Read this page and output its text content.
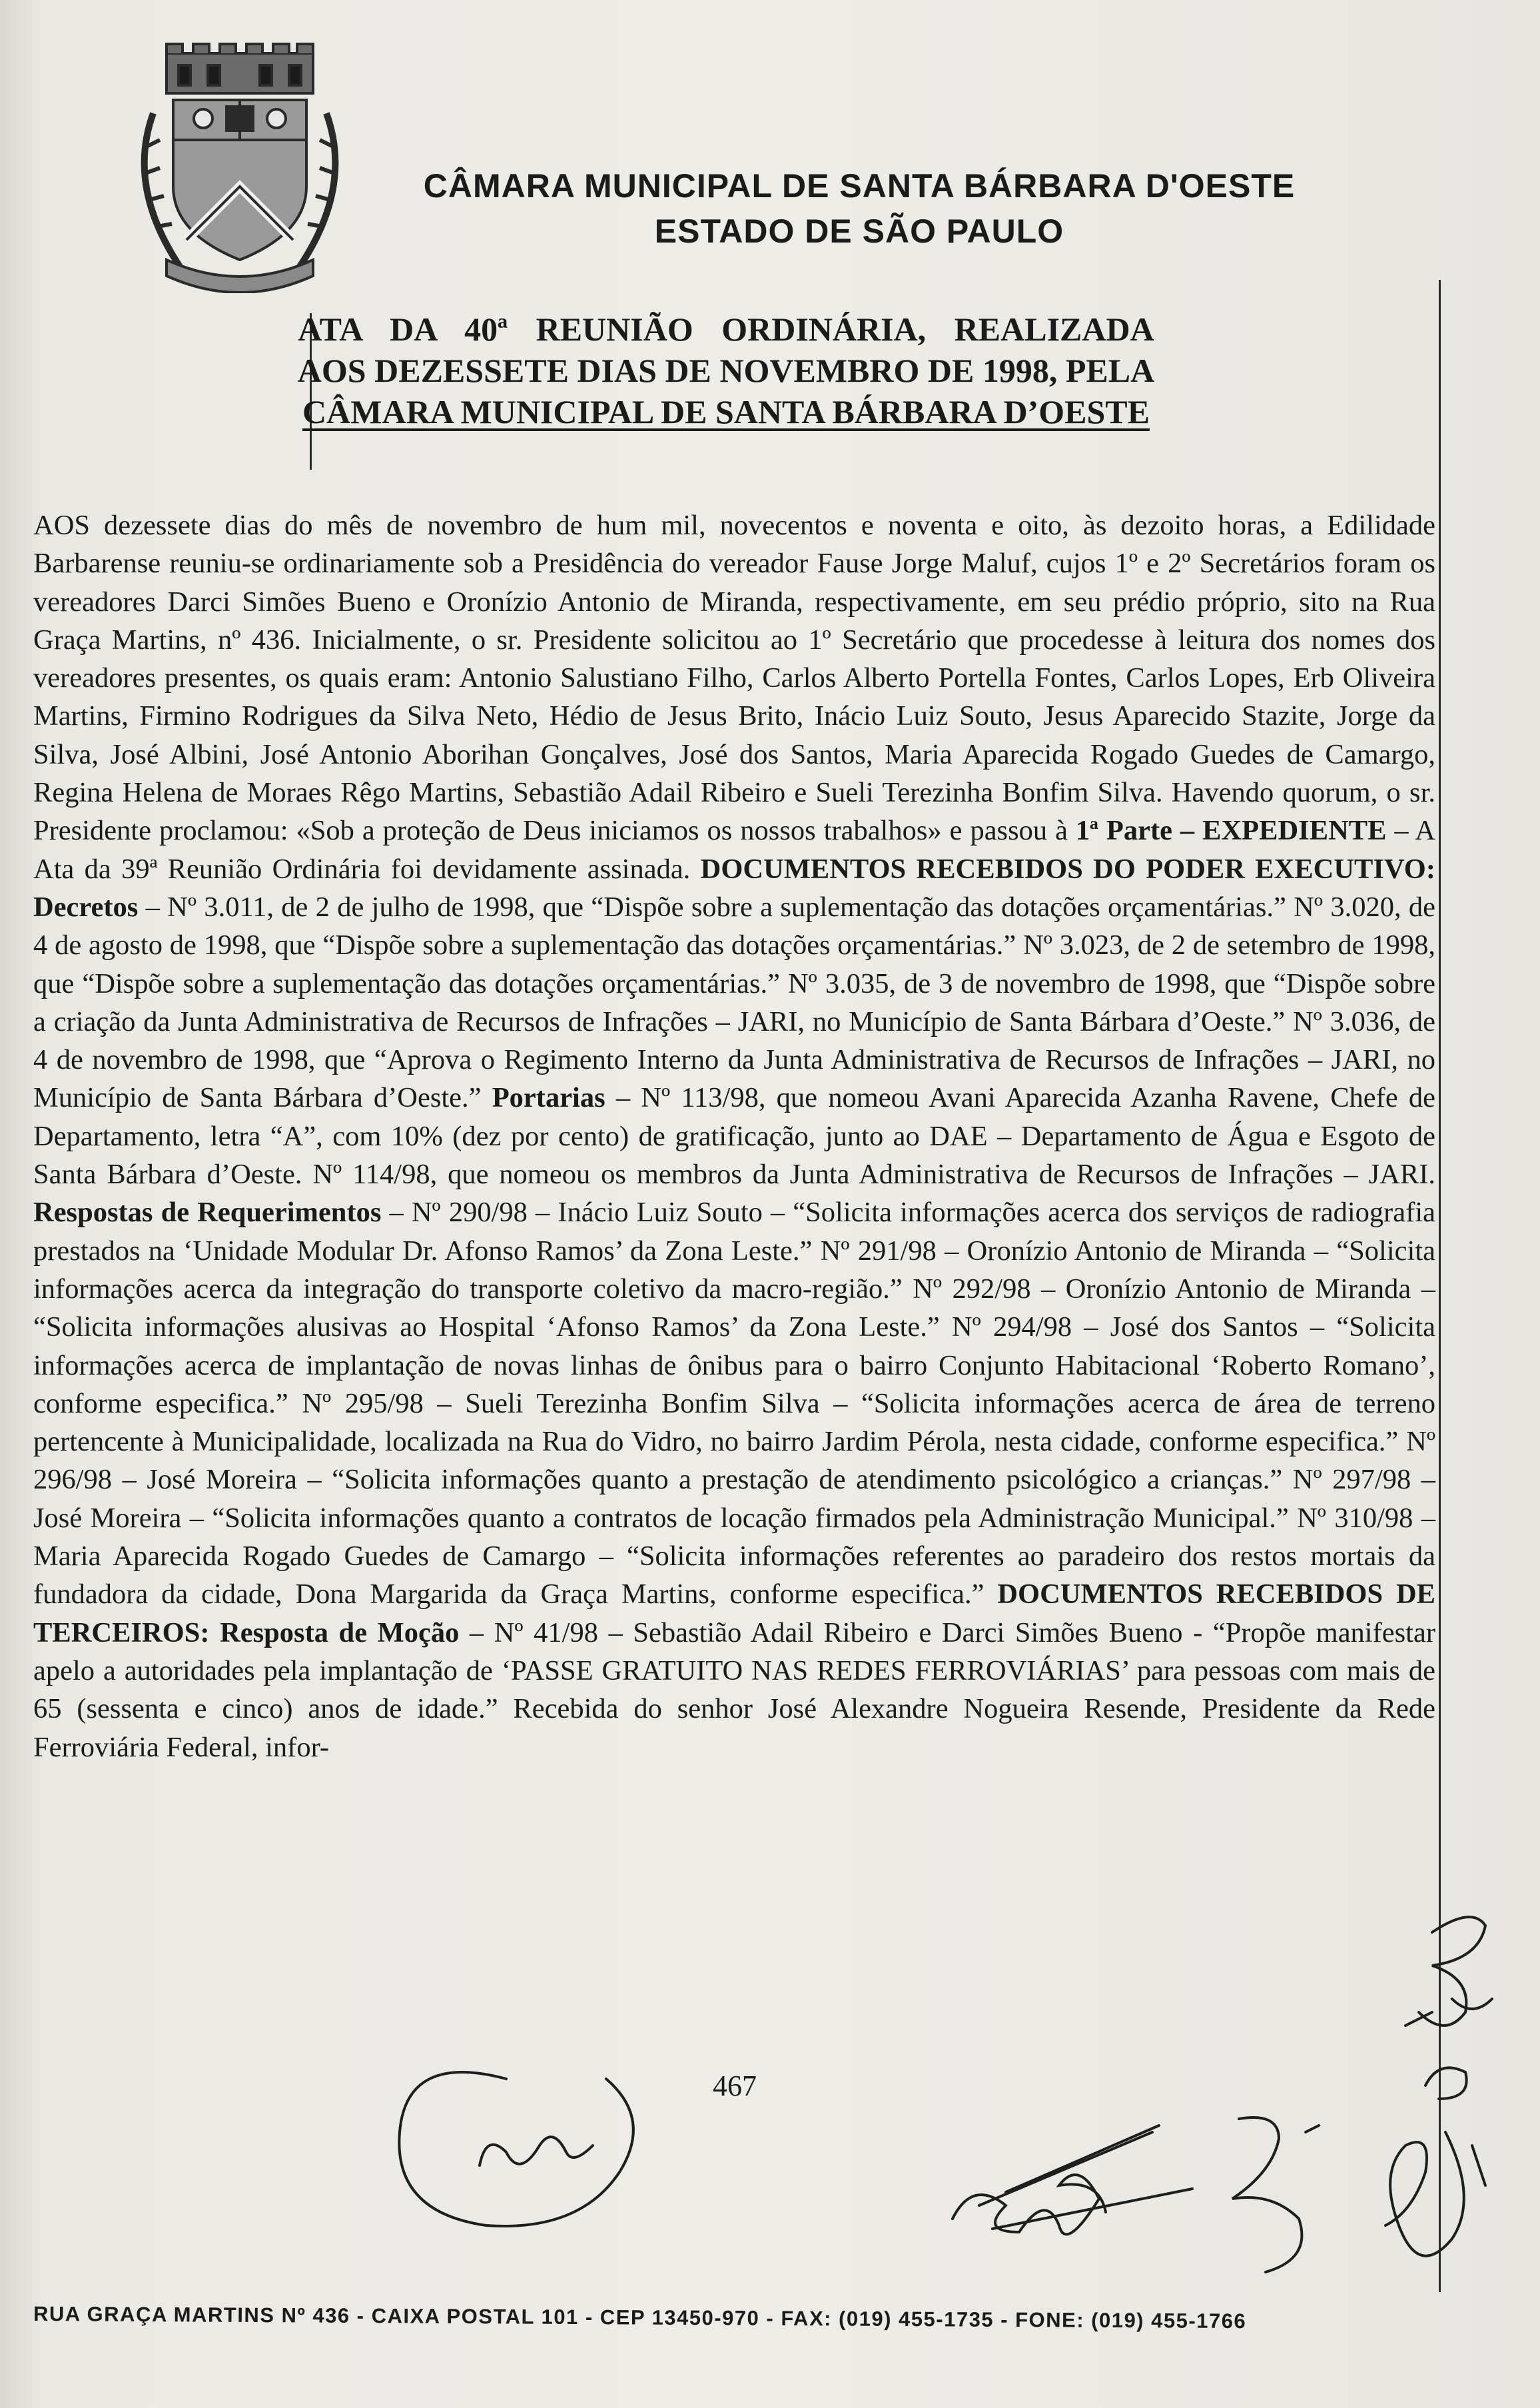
CÂMARA MUNICIPAL DE SANTA BÁRBARA D'OESTE
ESTADO DE SÃO PAULO
ATA DA 40ª REUNIÃO ORDINÁRIA, REALIZADA
AOS DEZESSETE DIAS DE NOVEMBRO DE 1998, PELA
CÂMARA MUNICIPAL DE SANTA BÁRBARA D’OESTE
AOS dezessete dias do mês de novembro de hum mil, novecentos e noventa e oito, às dezoito horas, a Edilidade Barbarense reuniu-se ordinariamente sob a Presidência do vereador Fause Jorge Maluf, cujos 1º e 2º Secretários foram os vereadores Darci Simões Bueno e Oronízio Antonio de Miranda, respectivamente, em seu prédio próprio, sito na Rua Graça Martins, nº 436. Inicialmente, o sr. Presidente solicitou ao 1º Secretário que procedesse à leitura dos nomes dos vereadores presentes, os quais eram: Antonio Salustiano Filho, Carlos Alberto Portella Fontes, Carlos Lopes, Erb Oliveira Martins, Firmino Rodrigues da Silva Neto, Hédio de Jesus Brito, Inácio Luiz Souto, Jesus Aparecido Stazite, Jorge da Silva, José Albini, José Antonio Aborihan Gonçalves, José dos Santos, Maria Aparecida Rogado Guedes de Camargo, Regina Helena de Moraes Rêgo Martins, Sebastião Adail Ribeiro e Sueli Terezinha Bonfim Silva. Havendo quorum, o sr. Presidente proclamou: «Sob a proteção de Deus iniciamos os nossos trabalhos» e passou à 1ª Parte – EXPEDIENTE – A Ata da 39ª Reunião Ordinária foi devidamente assinada. DOCUMENTOS RECEBIDOS DO PODER EXECUTIVO: Decretos – Nº 3.011, de 2 de julho de 1998, que “Dispõe sobre a suplementação das dotações orçamentárias.” Nº 3.020, de 4 de agosto de 1998, que “Dispõe sobre a suplementação das dotações orçamentárias.” Nº 3.023, de 2 de setembro de 1998, que “Dispõe sobre a suplementação das dotações orçamentárias.” Nº 3.035, de 3 de novembro de 1998, que “Dispõe sobre a criação da Junta Administrativa de Recursos de Infrações – JARI, no Município de Santa Bárbara d’Oeste.” Nº 3.036, de 4 de novembro de 1998, que “Aprova o Regimento Interno da Junta Administrativa de Recursos de Infrações – JARI, no Município de Santa Bárbara d’Oeste.” Portarias – Nº 113/98, que nomeou Avani Aparecida Azanha Ravene, Chefe de Departamento, letra “A”, com 10% (dez por cento) de gratificação, junto ao DAE – Departamento de Água e Esgoto de Santa Bárbara d’Oeste. Nº 114/98, que nomeou os membros da Junta Administrativa de Recursos de Infrações – JARI. Respostas de Requerimentos – Nº 290/98 – Inácio Luiz Souto – “Solicita informações acerca dos serviços de radiografia prestados na ‘Unidade Modular Dr. Afonso Ramos’ da Zona Leste.” Nº 291/98 – Oronízio Antonio de Miranda – “Solicita informações acerca da integração do transporte coletivo da macro-região.” Nº 292/98 – Oronízio Antonio de Miranda – “Solicita informações alusivas ao Hospital ‘Afonso Ramos’ da Zona Leste.” Nº 294/98 – José dos Santos – “Solicita informações acerca de implantação de novas linhas de ônibus para o bairro Conjunto Habitacional ‘Roberto Romano’, conforme especifica.” Nº 295/98 – Sueli Terezinha Bonfim Silva – “Solicita informações acerca de área de terreno pertencente à Municipalidade, localizada na Rua do Vidro, no bairro Jardim Pérola, nesta cidade, conforme especifica.” Nº 296/98 – José Moreira – “Solicita informações quanto a prestação de atendimento psicológico a crianças.” Nº 297/98 – José Moreira – “Solicita informações quanto a contratos de locação firmados pela Administração Municipal.” Nº 310/98 – Maria Aparecida Rogado Guedes de Camargo – “Solicita informações referentes ao paradeiro dos restos mortais da fundadora da cidade, Dona Margarida da Graça Martins, conforme especifica.” DOCUMENTOS RECEBIDOS DE TERCEIROS: Resposta de Moção – Nº 41/98 – Sebastião Adail Ribeiro e Darci Simões Bueno - “Propõe manifestar apelo a autoridades pela implantação de ‘PASSE GRATUITO NAS REDES FERROVIÁRIAS’ para pessoas com mais de 65 (sessenta e cinco) anos de idade.” Recebida do senhor José Alexandre Nogueira Resende, Presidente da Rede Ferroviária Federal, infor-
467
RUA GRAÇA MARTINS Nº 436 - CAIXA POSTAL 101 - CEP 13450-970 - FAX: (019) 455-1735 - FONE: (019) 455-1766
